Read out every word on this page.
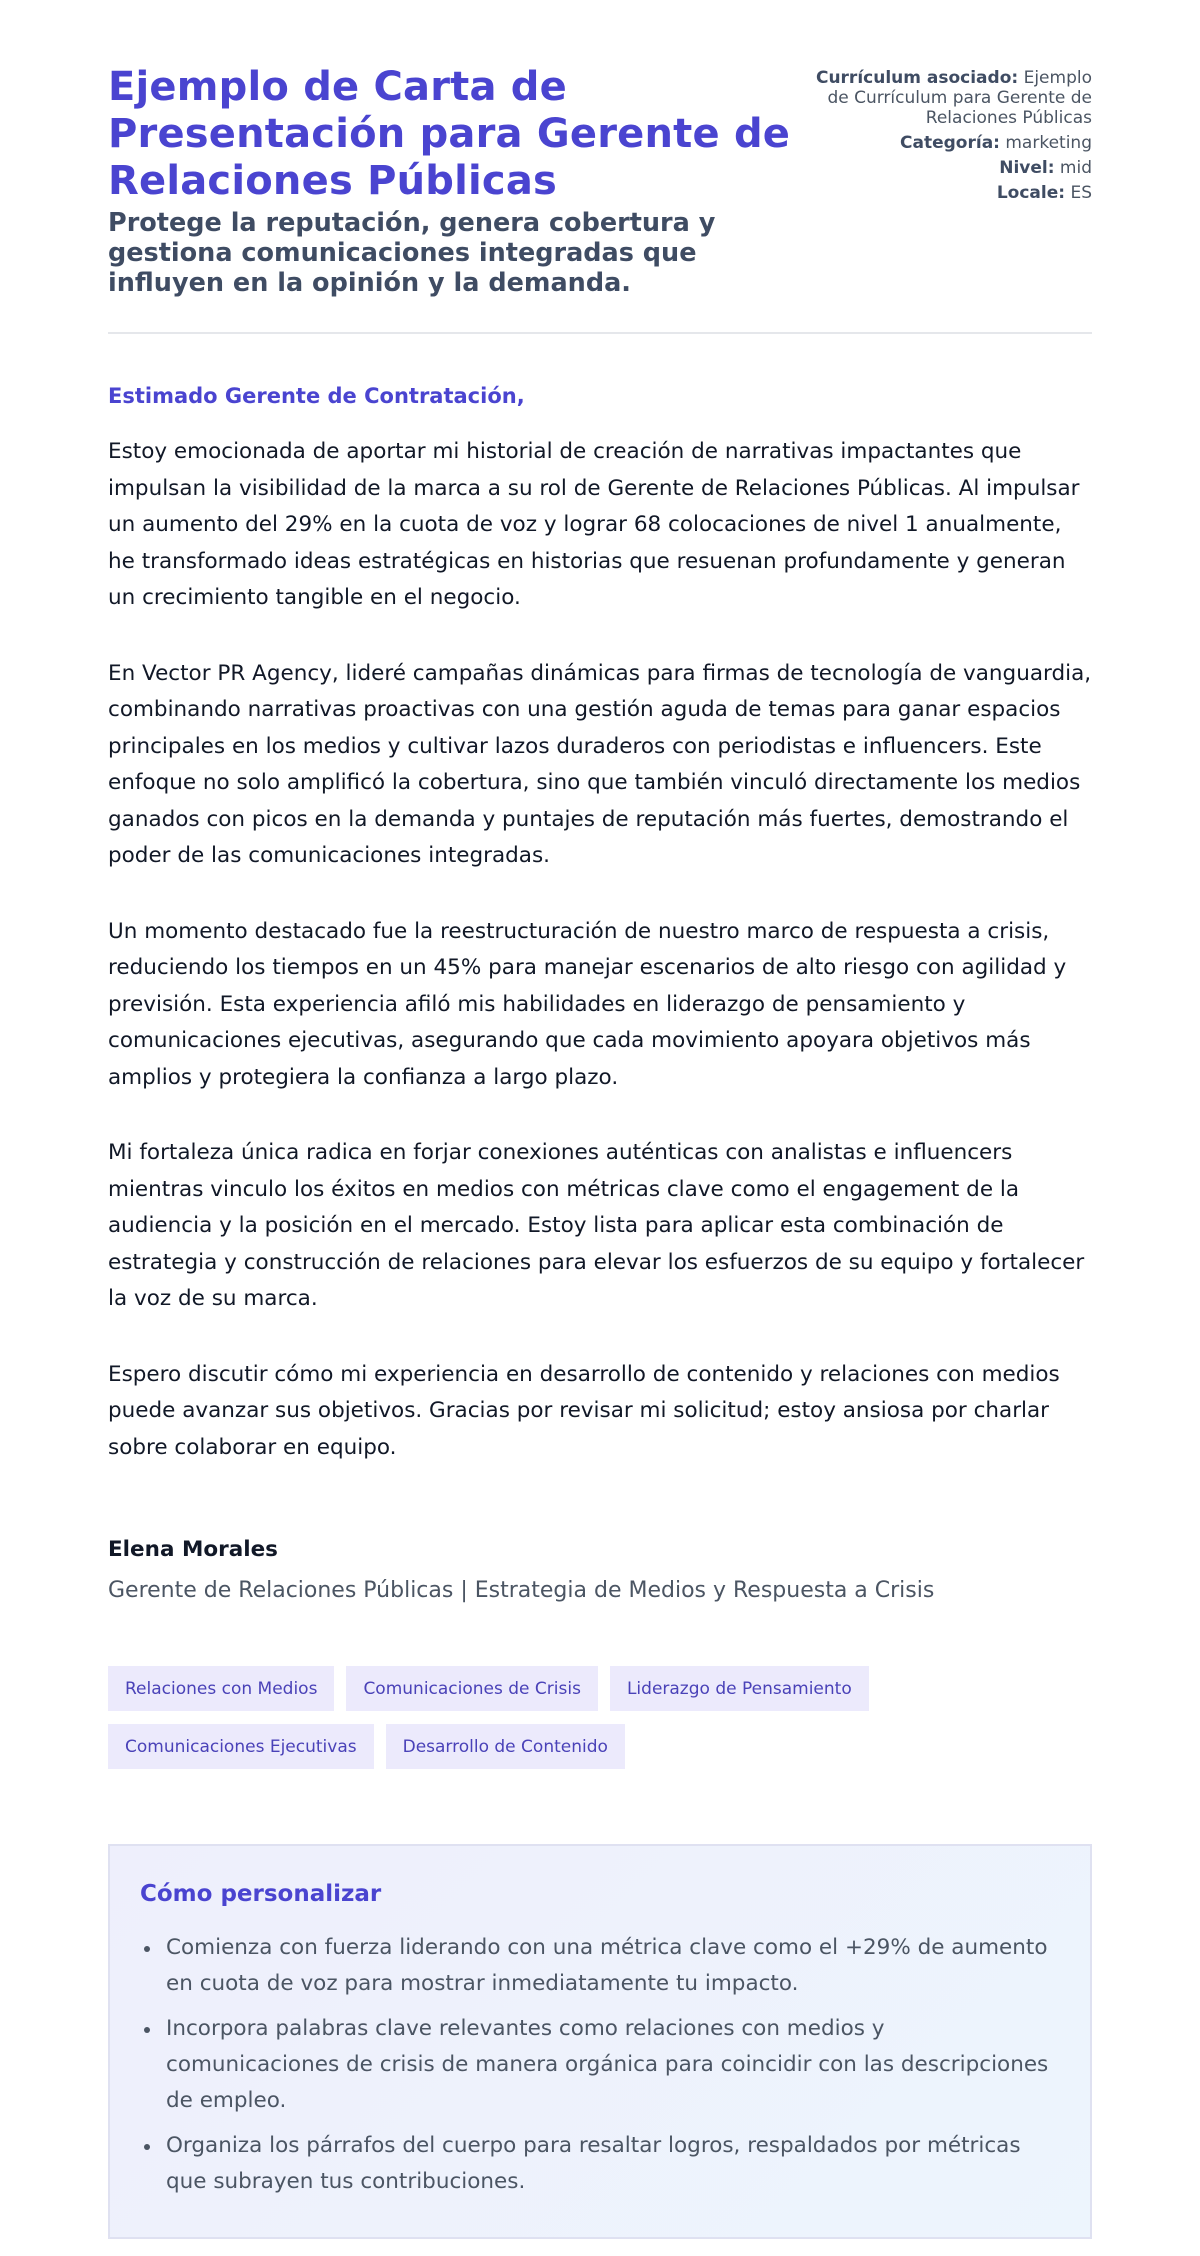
Ejemplo de Carta de Presentación para Gerente de Relaciones Públicas
Protege la reputación, genera cobertura y gestiona comunicaciones integradas que influyen en la opinión y la demanda.
Currículum asociado: Ejemplo de Currículum para Gerente de Relaciones Públicas
Categoría: marketing
Nivel: mid
Locale: ES
Estimado Gerente de Contratación,

Estoy emocionada de aportar mi historial de creación de narrativas impactantes que impulsan la visibilidad de la marca a su rol de Gerente de Relaciones Públicas. Al impulsar un aumento del 29% en la cuota de voz y lograr 68 colocaciones de nivel 1 anualmente, he transformado ideas estratégicas en historias que resuenan profundamente y generan un crecimiento tangible en el negocio.

En Vector PR Agency, lideré campañas dinámicas para firmas de tecnología de vanguardia, combinando narrativas proactivas con una gestión aguda de temas para ganar espacios principales en los medios y cultivar lazos duraderos con periodistas e influencers. Este enfoque no solo amplificó la cobertura, sino que también vinculó directamente los medios ganados con picos en la demanda y puntajes de reputación más fuertes, demostrando el poder de las comunicaciones integradas.

Un momento destacado fue la reestructuración de nuestro marco de respuesta a crisis, reduciendo los tiempos en un 45% para manejar escenarios de alto riesgo con agilidad y previsión. Esta experiencia afiló mis habilidades en liderazgo de pensamiento y comunicaciones ejecutivas, asegurando que cada movimiento apoyara objetivos más amplios y protegiera la confianza a largo plazo.

Mi fortaleza única radica en forjar conexiones auténticas con analistas e influencers mientras vinculo los éxitos en medios con métricas clave como el engagement de la audiencia y la posición en el mercado. Estoy lista para aplicar esta combinación de estrategia y construcción de relaciones para elevar los esfuerzos de su equipo y fortalecer la voz de su marca.

Espero discutir cómo mi experiencia en desarrollo de contenido y relaciones con medios puede avanzar sus objetivos. Gracias por revisar mi solicitud; estoy ansiosa por charlar sobre colaborar en equipo.

Elena Morales
Gerente de Relaciones Públicas | Estrategia de Medios y Respuesta a Crisis
Relaciones con Medios	Comunicaciones de Crisis	Liderazgo de Pensamiento
Comunicaciones Ejecutivas	Desarrollo de Contenido
Cómo personalizar
Comienza con fuerza liderando con una métrica clave como el +29% de aumento en cuota de voz para mostrar inmediatamente tu impacto.
Incorpora palabras clave relevantes como relaciones con medios y comunicaciones de crisis de manera orgánica para coincidir con las descripciones de empleo.
Organiza los párrafos del cuerpo para resaltar logros, respaldados por métricas que subrayen tus contribuciones.
